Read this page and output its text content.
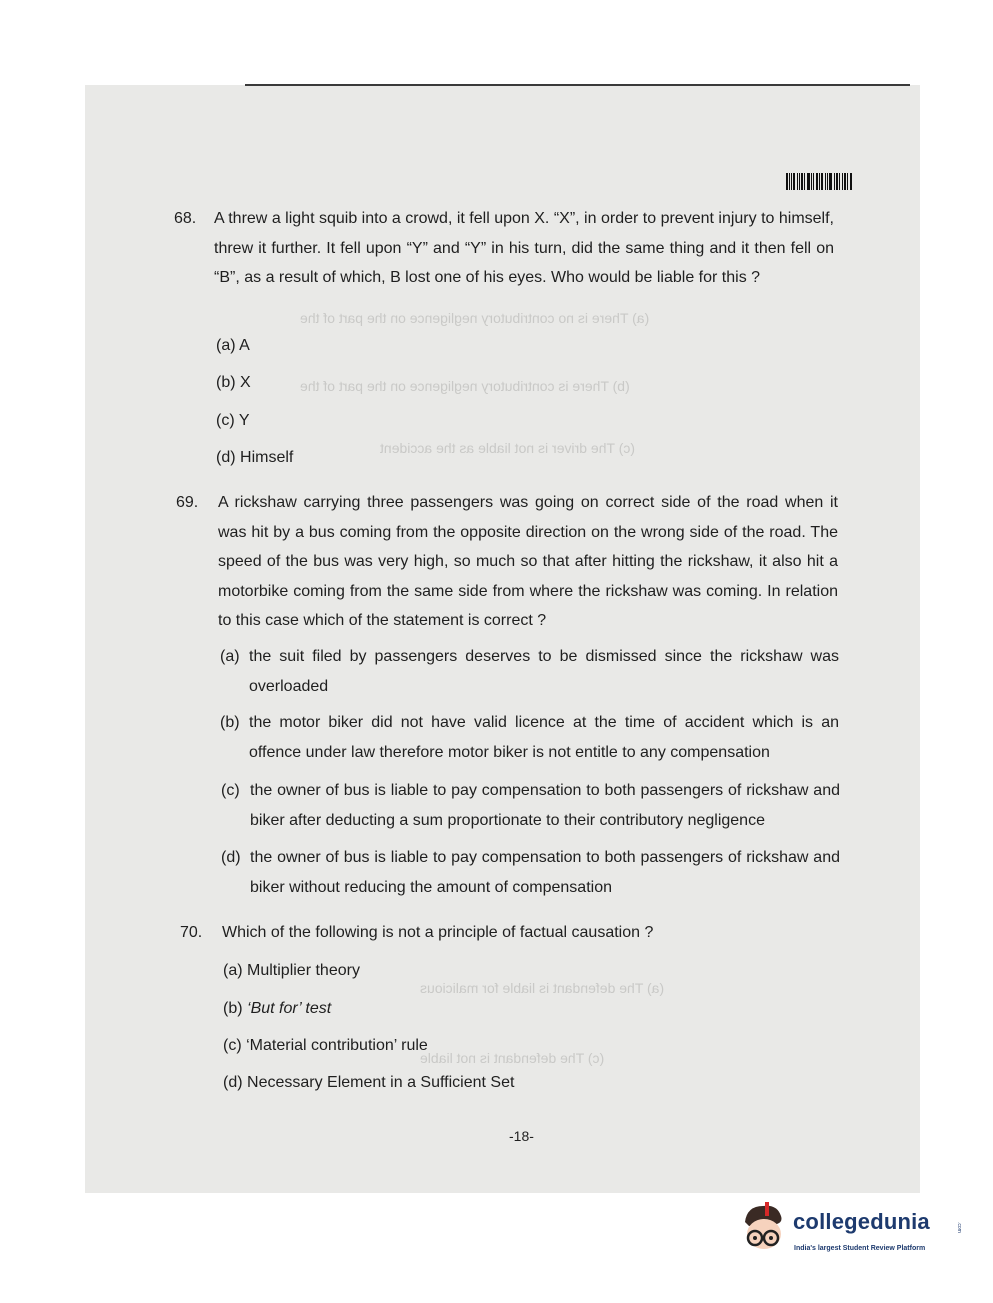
(a) There is no contributory negligence on the part of the
(b) There is contributory negligence on the part of the
(c) The driver is not liable as the accident
(a) The defendant is liable for malicious
(c) The defendant is not liable
68. A threw a light squib into a crowd, it fell upon X. “X”, in order to prevent injury to himself, threw it further. It fell upon “Y” and “Y” in his turn, did the same thing and it then fell on “B”, as a result of which, B lost one of his eyes. Who would be liable for this ?
(a) A
(b) X
(c) Y
(d) Himself
69. A rickshaw carrying three passengers was going on correct side of the road when it was hit by a bus coming from the opposite direction on the wrong side of the road. The speed of the bus was very high, so much so that after hitting the rickshaw, it also hit a motorbike coming from the same side from where the rickshaw was coming. In relation to this case which of the statement is correct ?
(a) the suit filed by passengers deserves to be dismissed since the rickshaw was overloaded
(b) the motor biker did not have valid licence at the time of accident which is an offence under law therefore motor biker is not entitle to any compensation
(c) the owner of bus is liable to pay compensation to both passengers of rickshaw and biker after deducting a sum proportionate to their contributory negligence
(d) the owner of bus is liable to pay compensation to both passengers of rickshaw and biker without reducing the amount of compensation
70. Which of the following is not a principle of factual causation ?
(a) Multiplier theory
(b) ‘But for’ test
(c) ‘Material contribution’ rule
(d) Necessary Element in a Sufficient Set
-18-
collegedunia	.com
India's largest Student Review Platform
